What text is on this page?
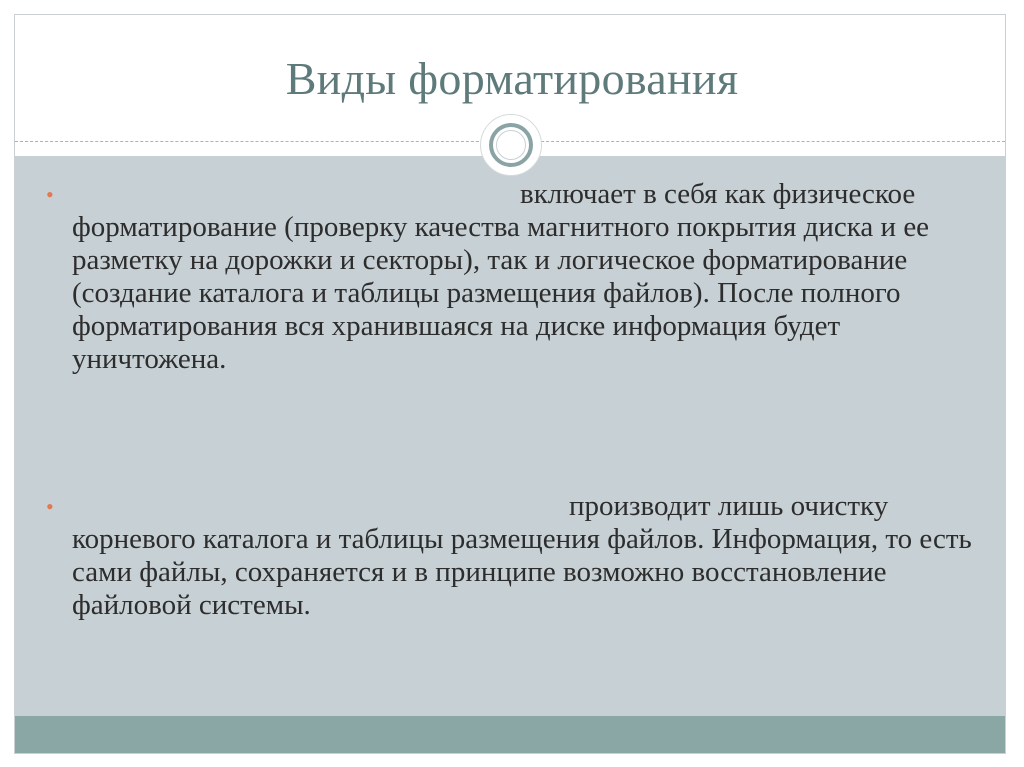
Виды форматирования
•	включает в себя как физическое форматирование (проверку качества магнитного покрытия диска и ее разметку на дорожки и секторы), так и логическое форматирование (создание каталога и таблицы размещения файлов). После полного форматирования вся хранившаяся на диске информация будет уничтожена.
•	производит лишь очистку корневого каталога и таблицы размещения файлов. Информация, то есть сами файлы, сохраняется и в принципе возможно восстановление файловой системы.
